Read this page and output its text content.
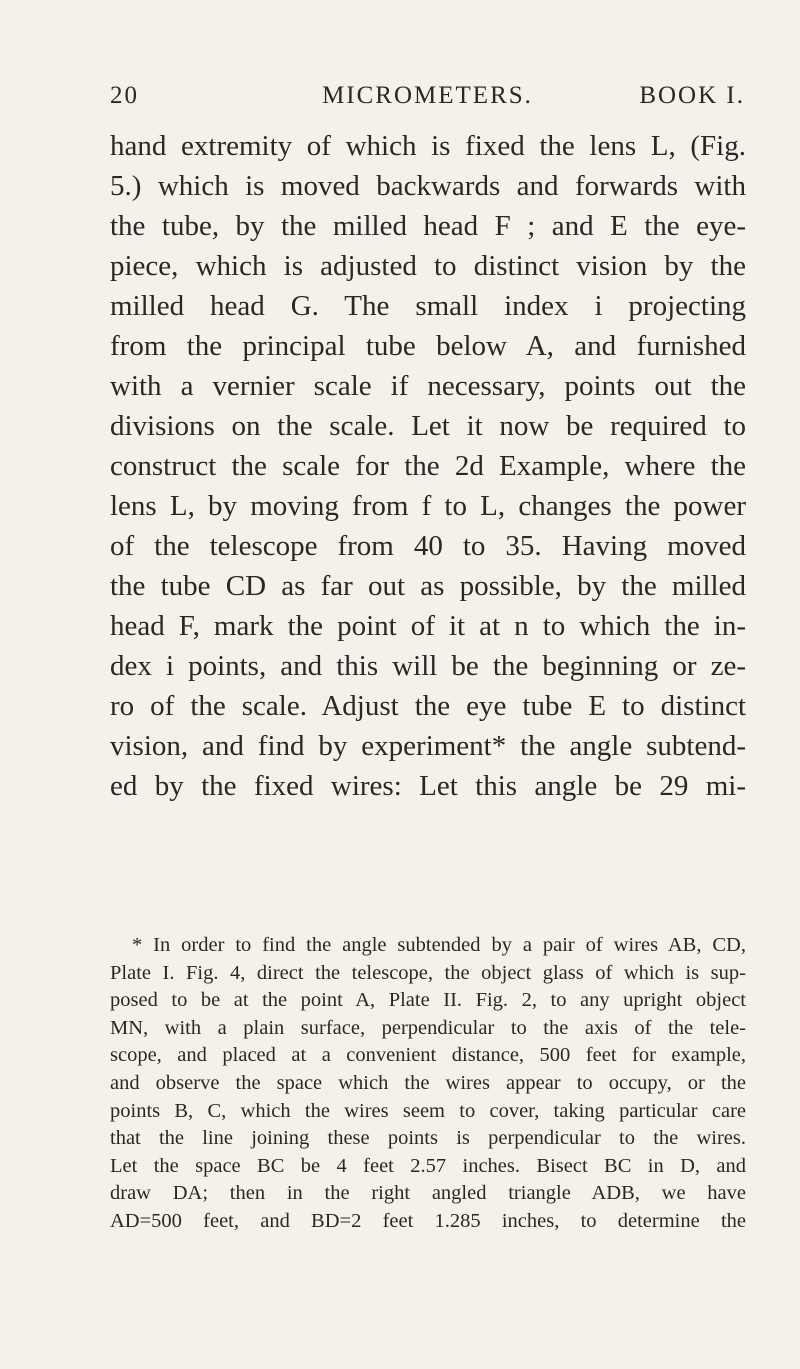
20	MICROMETERS.	BOOK I.
hand extremity of which is fixed the lens L, (Fig.
5.) which is moved backwards and forwards with
the tube, by the milled head F ; and E the eye-
piece, which is adjusted to distinct vision by the
milled head G. The small index i projecting
from the principal tube below A, and furnished
with a vernier scale if necessary, points out the
divisions on the scale. Let it now be required to
construct the scale for the 2d Example, where the
lens L, by moving from f to L, changes the power
of the telescope from 40 to 35. Having moved
the tube CD as far out as possible, by the milled
head F, mark the point of it at n to which the in-
dex i points, and this will be the beginning or ze-
ro of the scale. Adjust the eye tube E to distinct
vision, and find by experiment* the angle subtend-
ed by the fixed wires: Let this angle be 29 mi-
* In order to find the angle subtended by a pair of wires AB, CD,
Plate I. Fig. 4, direct the telescope, the object glass of which is sup-
posed to be at the point A, Plate II. Fig. 2, to any upright object
MN, with a plain surface, perpendicular to the axis of the tele-
scope, and placed at a convenient distance, 500 feet for example,
and observe the space which the wires appear to occupy, or the
points B, C, which the wires seem to cover, taking particular care
that the line joining these points is perpendicular to the wires.
Let the space BC be 4 feet 2.57 inches. Bisect BC in D, and
draw DA; then in the right angled triangle ADB, we have
AD=500 feet, and BD=2 feet 1.285 inches, to determine the
